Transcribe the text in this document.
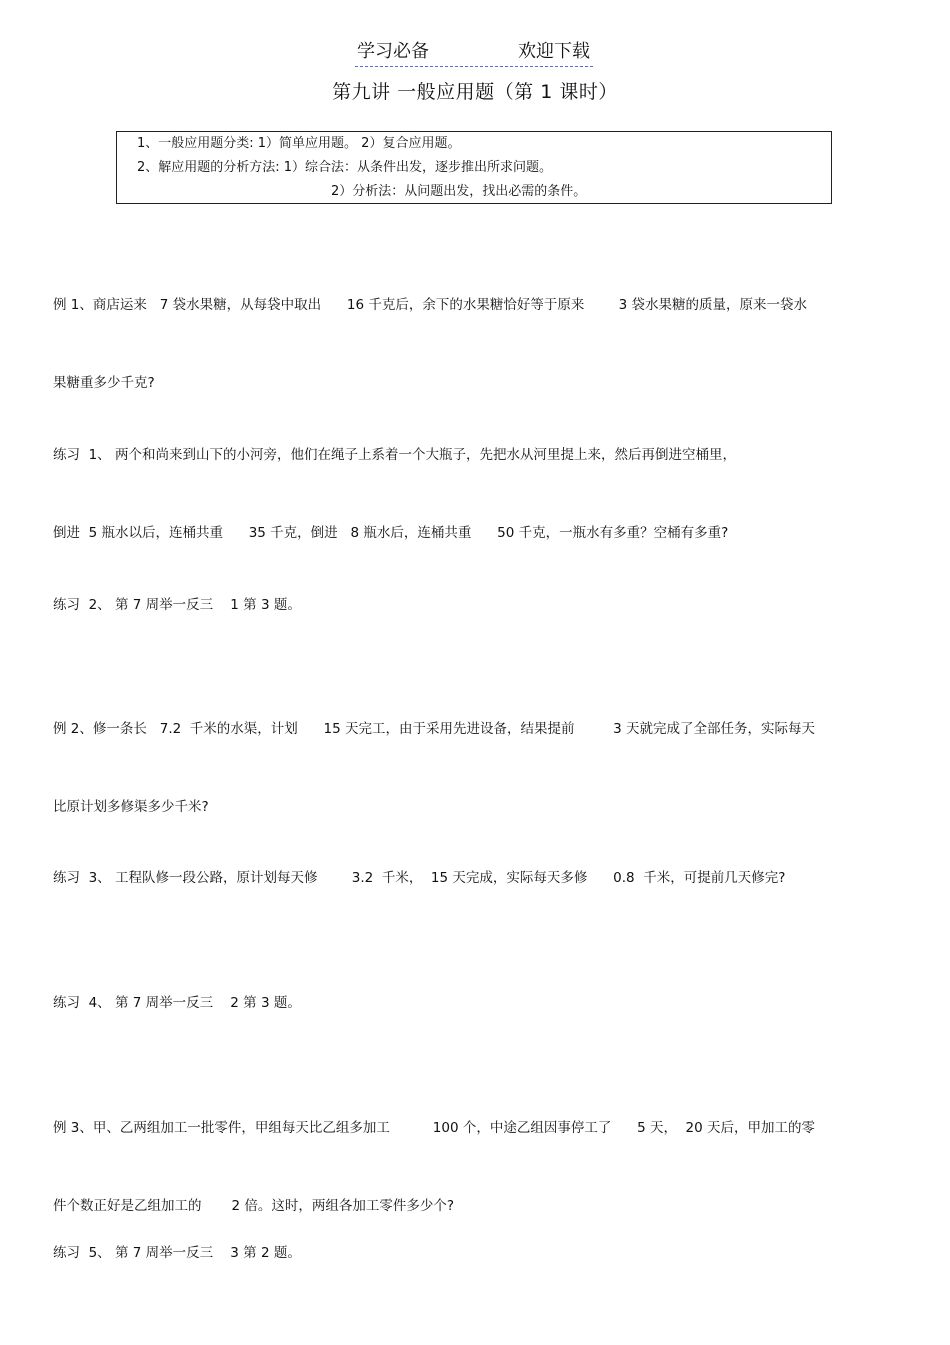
学习必备	欢迎下载
第九讲 一般应用题（第 1 课时）
1、一般应用题分类: 1）简单应用题。 2）复合应用题。
2、解应用题的分析方法: 1）综合法：从条件出发，逐步推出所求问题。
2）分析法：从问题出发，找出必需的条件。

例 1、商店运来   7 袋水果糖，从每袋中取出      16 千克后，余下的水果糖恰好等于原来        3 袋水果糖的质量，原来一袋水

果糖重多少千克?

练习  1、 两个和尚来到山下的小河旁，他们在绳子上系着一个大瓶子，先把水从河里提上来，然后再倒进空桶里，

倒进  5 瓶水以后，连桶共重      35 千克，倒进   8 瓶水后，连桶共重      50 千克，一瓶水有多重？空桶有多重?

练习  2、 第 7 周举一反三    1 第 3 题。

例 2、修一条长   7.2  千米的水渠，计划      15 天完工，由于采用先进设备，结果提前         3 天就完成了全部任务，实际每天

比原计划多修渠多少千米?

练习  3、 工程队修一段公路，原计划每天修        3.2  千米，  15 天完成，实际每天多修      0.8  千米，可提前几天修完?

练习  4、 第 7 周举一反三    2 第 3 题。

例 3、甲、乙两组加工一批零件，甲组每天比乙组多加工          100 个，中途乙组因事停工了      5 天，  20 天后，甲加工的零

件个数正好是乙组加工的       2 倍。这时，两组各加工零件多少个?

练习  5、 第 7 周举一反三    3 第 2 题。
